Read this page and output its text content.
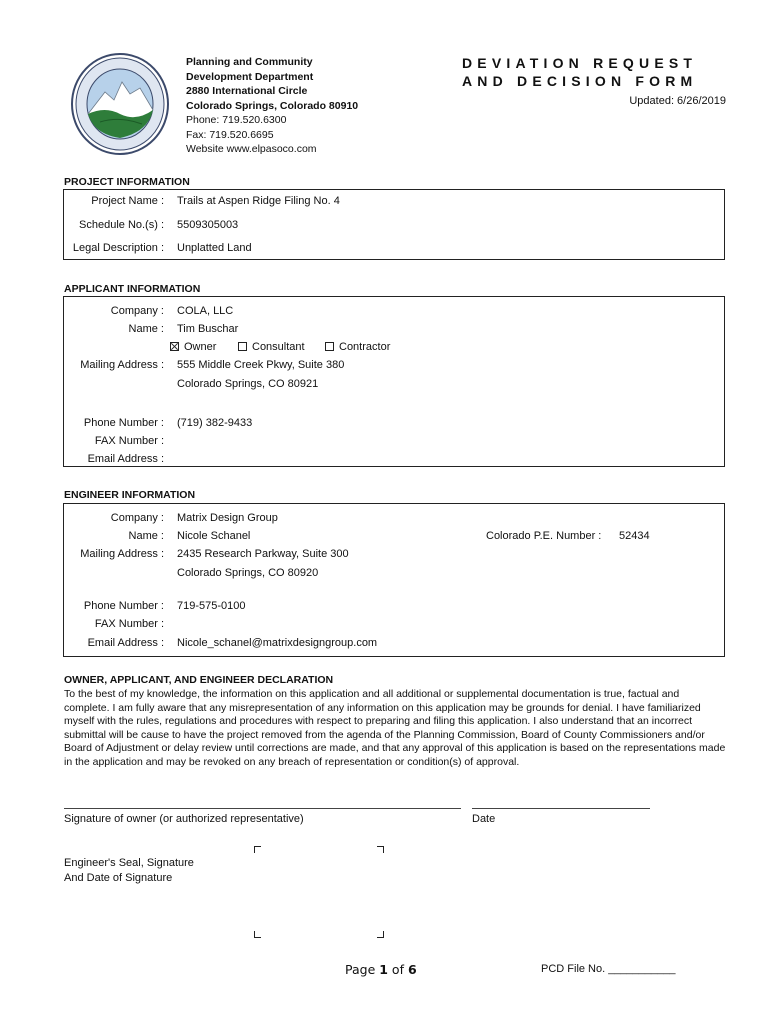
Planning and Community
Development Department
2880 International Circle
Colorado Springs, Colorado 80910
Phone: 719.520.6300
Fax: 719.520.6695
Website www.elpasoco.com
DEVIATION REQUEST
AND DECISION FORM
Updated: 6/26/2019
PROJECT INFORMATION
Project Name : Trails at Aspen Ridge Filing No. 4
Schedule No.(s) : 5509305003
Legal Description : Unplatted Land
APPLICANT INFORMATION
Company : COLA, LLC
Name : Tim Buschar
Owner	Consultant	Contractor
Mailing Address : 555 Middle Creek Pkwy, Suite 380
Colorado Springs, CO 80921
Phone Number : (719) 382-9433
FAX Number :
Email Address :
ENGINEER INFORMATION
Company : Matrix Design Group
Name : Nicole Schanel	Colorado P.E. Number : 52434
Mailing Address : 2435 Research Parkway, Suite 300
Colorado Springs, CO 80920
Phone Number : 719-575-0100
FAX Number :
Email Address : Nicole_schanel@matrixdesigngroup.com
OWNER, APPLICANT, AND ENGINEER DECLARATION
To the best of my knowledge, the information on this application and all additional or supplemental documentation is true, factual and complete. I am fully aware that any misrepresentation of any information on this application may be grounds for denial. I have familiarized myself with the rules, regulations and procedures with respect to preparing and filing this application. I also understand that an incorrect submittal will be cause to have the project removed from the agenda of the Planning Commission, Board of County Commissioners and/or Board of Adjustment or delay review until corrections are made, and that any approval of this application is based on the representations made in the application and may be revoked on any breach of representation or condition(s) of approval.
Signature of owner (or authorized representative)	Date
Engineer's Seal, Signature
And Date of Signature
Page 1 of 6	PCD File No. ___________
